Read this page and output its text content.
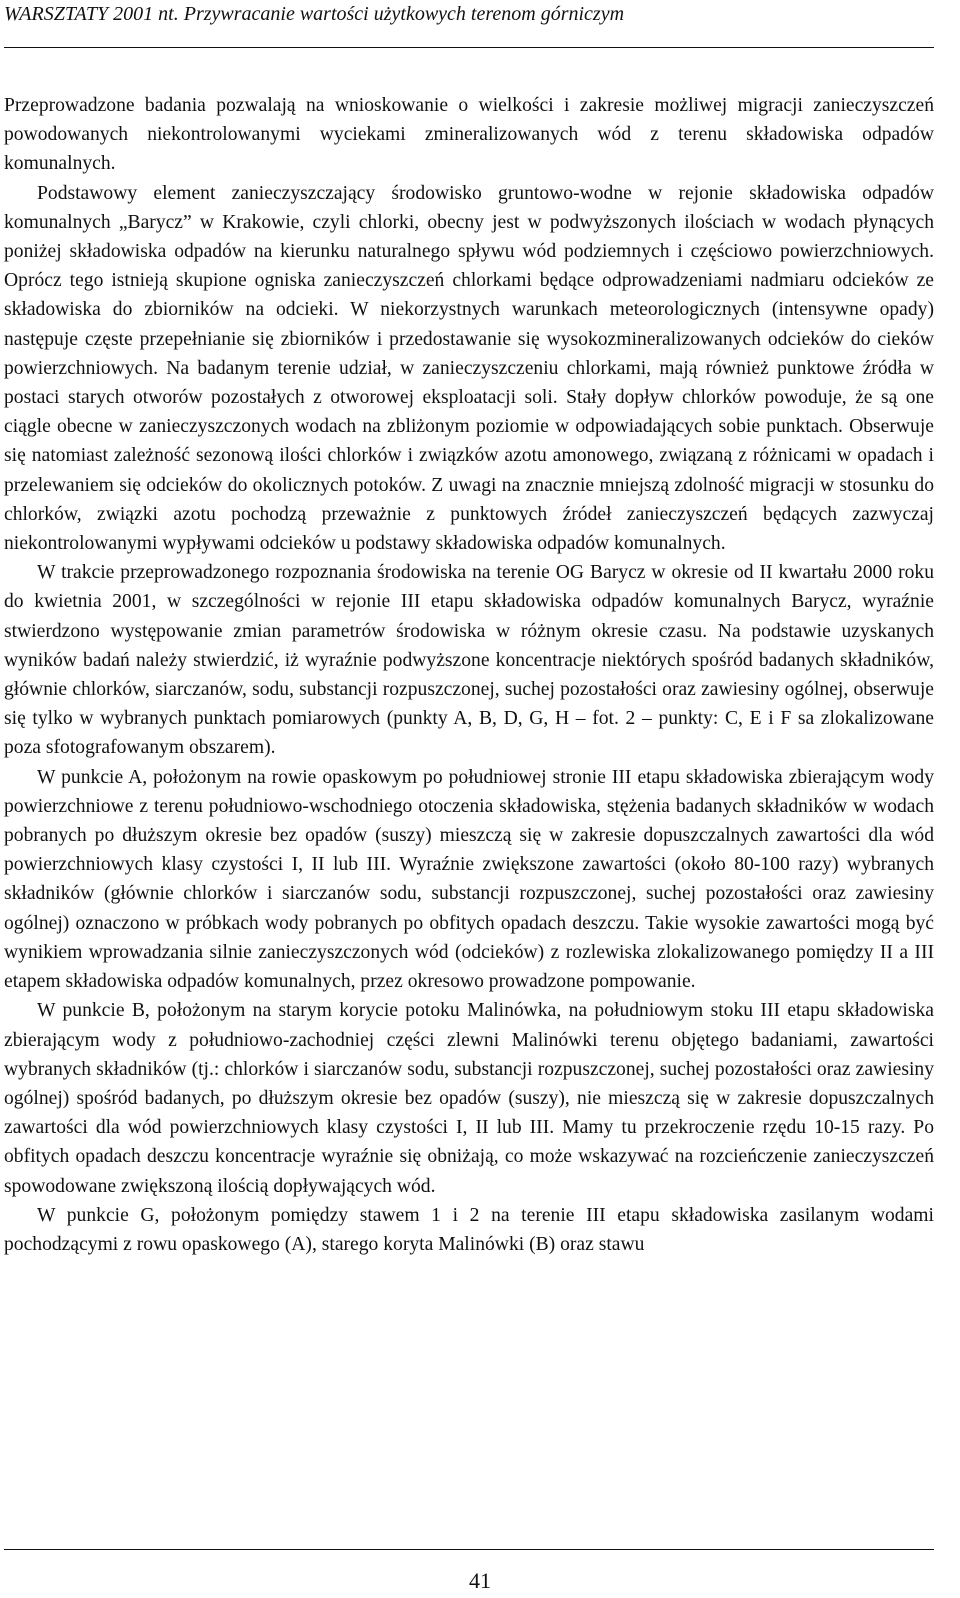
WARSZTATY 2001 nt. Przywracanie wartości użytkowych terenom górniczym

Przeprowadzone badania pozwalają na wnioskowanie o wielkości i zakresie możliwej migracji zanieczyszczeń powodowanych niekontrolowanymi wyciekami zmineralizowanych wód z terenu składowiska odpadów komunalnych.

Podstawowy element zanieczyszczający środowisko gruntowo-wodne w rejonie składowiska odpadów komunalnych „Barycz” w Krakowie, czyli chlorki, obecny jest w podwyższonych ilościach w wodach płynących poniżej składowiska odpadów na kierunku naturalnego spływu wód podziemnych i częściowo powierzchniowych. Oprócz tego istnieją skupione ogniska zanieczyszczeń chlorkami będące odprowadzeniami nadmiaru odcieków ze składowiska do zbiorników na odcieki. W niekorzystnych warunkach meteorologicznych (intensywne opady) następuje częste przepełnianie się zbiorników i przedostawanie się wysokozmineralizowanych odcieków do cieków powierzchniowych. Na badanym terenie udział, w zanieczyszczeniu chlorkami, mają również punktowe źródła w postaci starych otworów pozostałych z otworowej eksploatacji soli. Stały dopływ chlorków powoduje, że są one ciągle obecne w zanieczyszczonych wodach na zbliżonym poziomie w odpowiadających sobie punktach. Obserwuje się natomiast zależność sezonową ilości chlorków i związków azotu amonowego, związaną z różnicami w opadach i przelewaniem się odcieków do okolicznych potoków. Z uwagi na znacznie mniejszą zdolność migracji w stosunku do chlorków, związki azotu pochodzą przeważnie z punktowych źródeł zanieczyszczeń będących zazwyczaj niekontrolowanymi wypływami odcieków u podstawy składowiska odpadów komunalnych.

W trakcie przeprowadzonego rozpoznania środowiska na terenie OG Barycz w okresie od II kwartału 2000 roku do kwietnia 2001, w szczególności w rejonie III etapu składowiska odpadów komunalnych Barycz, wyraźnie stwierdzono występowanie zmian parametrów środowiska w różnym okresie czasu. Na podstawie uzyskanych wyników badań należy stwierdzić, iż wyraźnie podwyższone koncentracje niektórych spośród badanych składników, głównie chlorków, siarczanów, sodu, substancji rozpuszczonej, suchej pozostałości oraz zawiesiny ogólnej, obserwuje się tylko w wybranych punktach pomiarowych (punkty A, B, D, G, H – fot. 2 – punkty: C, E i F sa zlokalizowane poza sfotografowanym obszarem).

W punkcie A, położonym na rowie opaskowym po południowej stronie III etapu składowiska zbierającym wody powierzchniowe z terenu południowo-wschodniego otoczenia składowiska, stężenia badanych składników w wodach pobranych po dłuższym okresie bez opadów (suszy) mieszczą się w zakresie dopuszczalnych zawartości dla wód powierzchniowych klasy czystości I, II lub III. Wyraźnie zwiększone zawartości (około 80-100 razy) wybranych składników (głównie chlorków i siarczanów sodu, substancji rozpuszczonej, suchej pozostałości oraz zawiesiny ogólnej) oznaczono w próbkach wody pobranych po obfitych opadach deszczu. Takie wysokie zawartości mogą być wynikiem wprowadzania silnie zanieczyszczonych wód (odcieków) z rozlewiska zlokalizowanego pomiędzy II a III etapem składowiska odpadów komunalnych, przez okresowo prowadzone pompowanie.

W punkcie B, położonym na starym korycie potoku Malinówka, na południowym stoku III etapu składowiska zbierającym wody z południowo-zachodniej części zlewni Malinówki terenu objętego badaniami, zawartości wybranych składników (tj.: chlorków i siarczanów sodu, substancji rozpuszczonej, suchej pozostałości oraz zawiesiny ogólnej) spośród badanych, po dłuższym okresie bez opadów (suszy), nie mieszczą się w zakresie dopuszczalnych zawartości dla wód powierzchniowych klasy czystości I, II lub III. Mamy tu przekroczenie rzędu 10-15 razy. Po obfitych opadach deszczu koncentracje wyraźnie się obniżają, co może wskazywać na rozcieńczenie zanieczyszczeń spowodowane zwiększoną ilością dopływających wód.

W punkcie G, położonym pomiędzy stawem 1 i 2 na terenie III etapu składowiska zasilanym wodami pochodzącymi z rowu opaskowego (A), starego koryta Malinówki (B) oraz stawu

41
